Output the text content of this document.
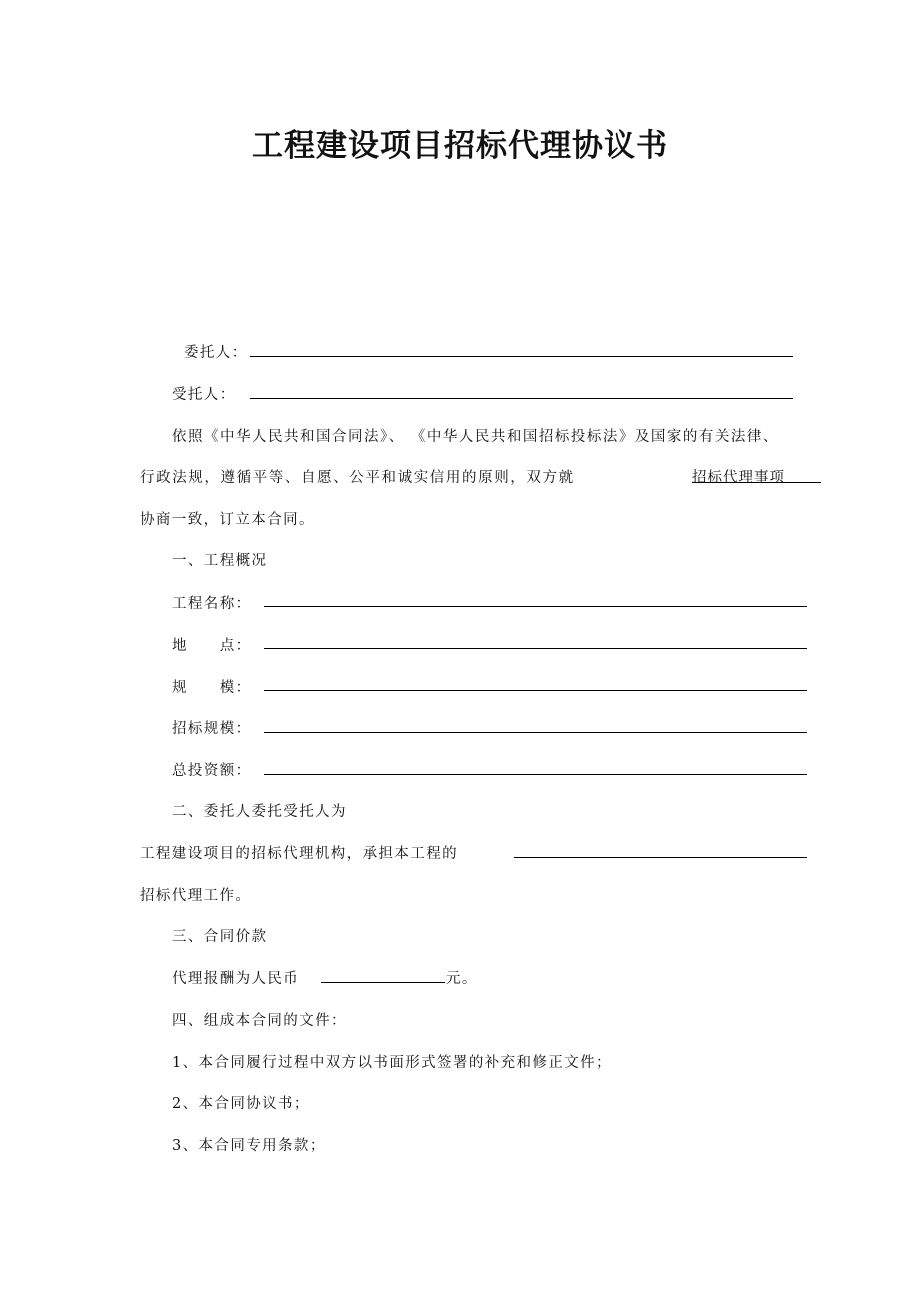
工程建设项目招标代理协议书
委托人：
受托人：
依照《中华人民共和国合同法》、 《中华人民共和国招标投标法》及国家的有关法律、
行政法规，遵循平等、自愿、公平和诚实信用的原则，双方就	招标代理事项
协商一致，订立本合同。
一、工程概况
工程名称：
地　　点：
规　　模：
招标规模：
总投资额：
二、委托人委托受托人为
工程建设项目的招标代理机构，承担本工程的
招标代理工作。
三、合同价款
代理报酬为人民币	元。
四、组成本合同的文件：
1、本合同履行过程中双方以书面形式签署的补充和修正文件；
2、本合同协议书；
3、本合同专用条款；
